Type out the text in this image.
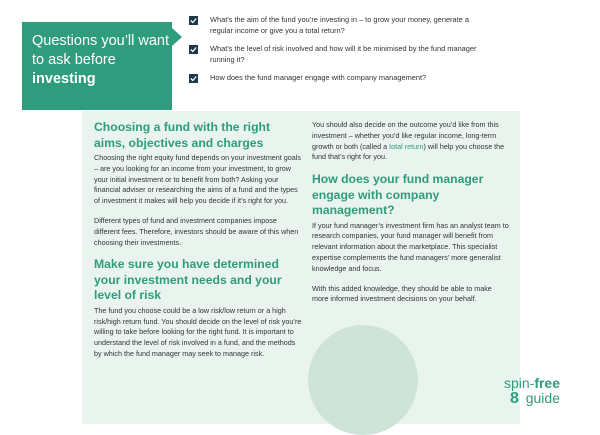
Questions you’ll want
to ask before
investing
What’s the aim of the fund you’re investing in – to grow your money, generate a regular income or give you a total return?
What’s the level of risk involved and how will it be minimised by the fund manager running it?
How does the fund manager engage with company management?
Choosing a fund with the right aims, objectives and charges

Choosing the right equity fund depends on your investment goals – are you looking for an income from your investment, to grow your initial investment or to benefit from both? Asking your financial adviser or researching the aims of a fund and the types of investment it makes will help you decide if it’s right for you.

Different types of fund and investment companies impose different fees. Therefore, investors should be aware of this when choosing their investments.

Make sure you have determined your investment needs and your level of risk

The fund you choose could be a low risk/low return or a high risk/high return fund. You should decide on the level of risk you’re willing to take before looking for the right fund. It is important to understand the level of risk involved in a fund, and the methods by which the fund manager may seek to manage risk.

You should also decide on the outcome you’d like from this investment – whether you’d like regular income, long-term growth or both (called a total return) will help you choose the fund that’s right for you.

How does your fund manager engage with company management?

If your fund manager’s investment firm has an analyst team to research companies, your fund manager will benefit from relevant information about the marketplace. This specialist expertise complements the fund managers’ more generalist knowledge and focus.

With this added knowledge, they should be able to make more informed investment decisions on your behalf.

spin-free
guide
8
